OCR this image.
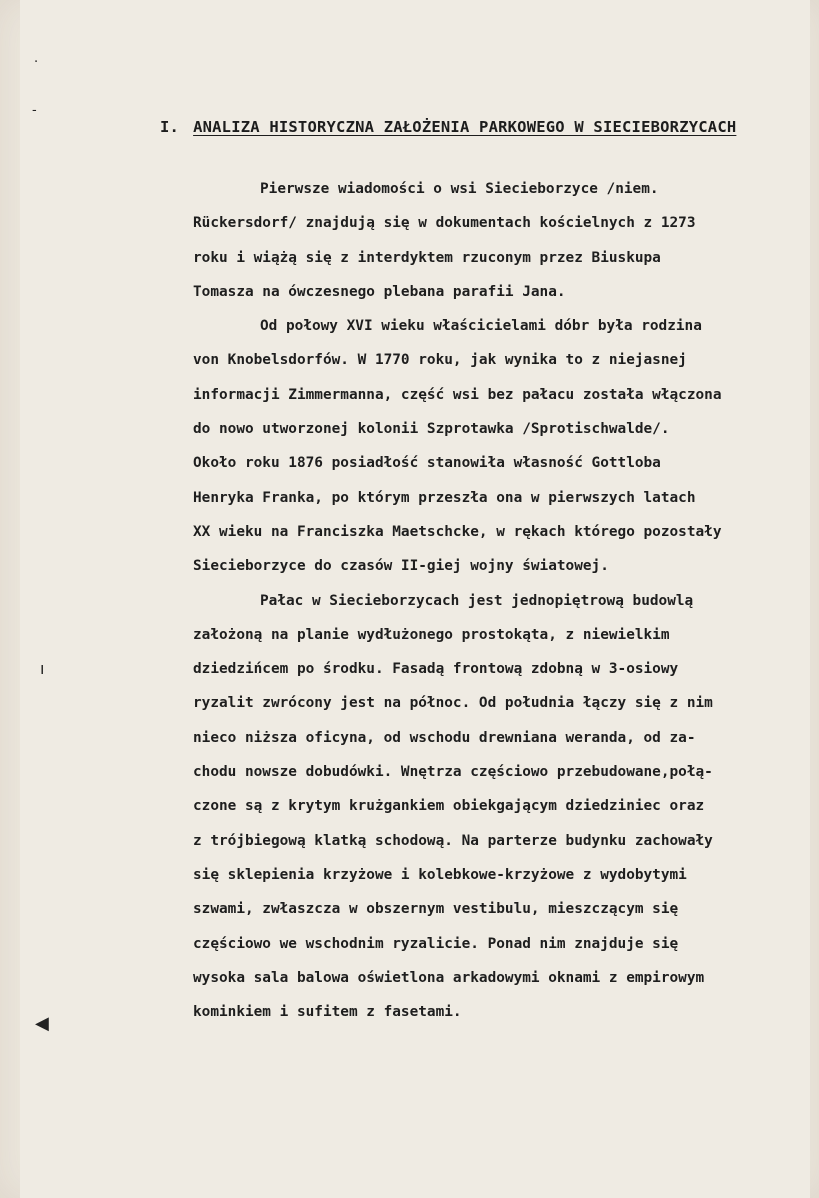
I. ANALIZA HISTORYCZNA ZAŁOŻENIA PARKOWEGO W SIECIEBORZYCACH
Pierwsze wiadomości o wsi Siecieborzyce /niem.
Rückersdorf/ znajdują się w dokumentach kościelnych z 1273
roku i wiążą się z interdyktem rzuconym przez Biuskupa
Tomasza na ówczesnego plebana parafii Jana.
Od połowy XVI wieku właścicielami dóbr była rodzina
von Knobelsdorfów. W 1770 roku, jak wynika to z niejasnej
informacji Zimmermanna, część wsi bez pałacu została włączona
do nowo utworzonej kolonii Szprotawka /Sprotischwalde/.
Około roku 1876 posiadłość stanowiła własność Gottloba
Henryka Franka, po którym przeszła ona w pierwszych latach
XX wieku na Franciszka Maetschcke, w rękach którego pozostały
Siecieborzyce do czasów II-giej wojny światowej.
Pałac w Siecieborzycach jest jednopiętrową budowlą
założoną na planie wydłużonego prostokąta, z niewielkim
dziedzińcem po środku. Fasadą frontową zdobną w 3-osiowy
ryzalit zwrócony jest na północ. Od południa łączy się z nim
nieco niższa oficyna, od wschodu drewniana weranda, od za-
chodu nowsze dobudówki. Wnętrza częściowo przebudowane,połą-
czone są z krytym krużgankiem obiekgającym dziedziniec oraz
z trójbiegową klatką schodową. Na parterze budynku zachowały
się sklepienia krzyżowe i kolebkowe-krzyżowe z wydobytymi
szwami, zwłaszcza w obszernym vestibulu, mieszczącym się
częściowo we wschodnim ryzalicie. Ponad nim znajduje się
wysoka sala balowa oświetlona arkadowymi oknami z empirowym
kominkiem i sufitem z fasetami.
·
-
ı
◀
